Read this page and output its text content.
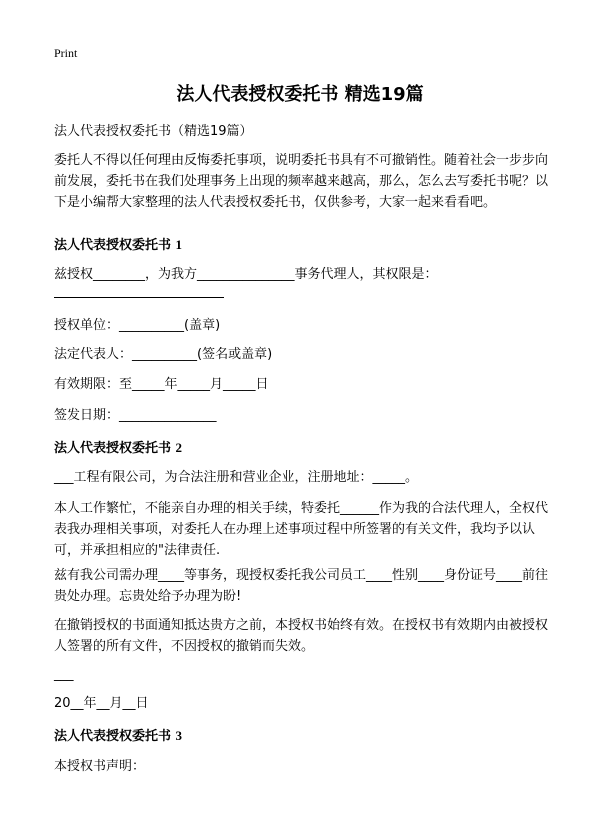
Print
法人代表授权委托书 精选19篇
法人代表授权委托书（精选19篇）
委托人不得以任何理由反悔委托事项，说明委托书具有不可撤销性。随着社会一步步向前发展，委托书在我们处理事务上出现的频率越来越高，那么，怎么去写委托书呢？以下是小编帮大家整理的法人代表授权委托书，仅供参考，大家一起来看看吧。
法人代表授权委托书 1
兹授权________，为我方_______________事务代理人，其权限是：
授权单位：__________(盖章)
法定代表人：__________(签名或盖章)
有效期限：至_____年_____月_____日
签发日期：_______________
法人代表授权委托书 2
___工程有限公司，为合法注册和营业企业，注册地址：_____。
本人工作繁忙，不能亲自办理的相关手续，特委托______作为我的合法代理人，全权代表我办理相关事项，对委托人在办理上述事项过程中所签署的有关文件，我均予以认可，并承担相应的"法律责任.
兹有我公司需办理____等事务，现授权委托我公司员工____性别____身份证号____前往贵处办理。忘贵处给予办理为盼!
在撤销授权的书面通知抵达贵方之前，本授权书始终有效。在授权书有效期内由被授权人签署的所有文件，不因授权的撤销而失效。
___
20__年__月__日
法人代表授权委托书 3
本授权书声明：
